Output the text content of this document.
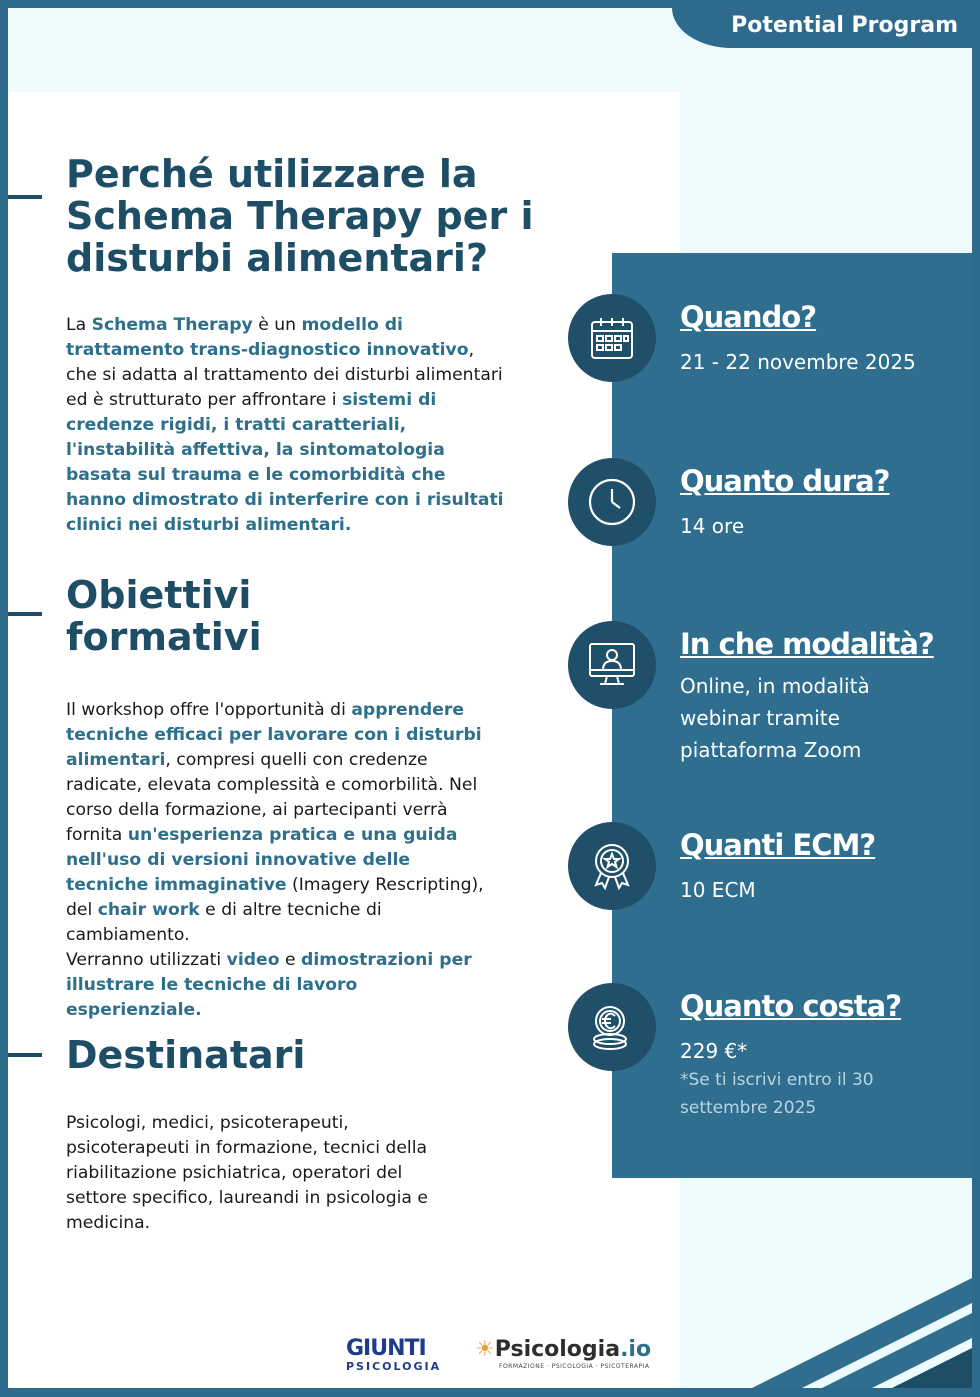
Potential Program
Perché utilizzare la Schema Therapy per i disturbi alimentari?

La Schema Therapy è un modello di trattamento trans-diagnostico innovativo, che si adatta al trattamento dei disturbi alimentari ed è strutturato per affrontare i sistemi di credenze rigidi, i tratti caratteriali, l'instabilità affettiva, la sintomatologia basata sul trauma e le comorbidità che hanno dimostrato di interferire con i risultati clinici nei disturbi alimentari.

Obiettivi formativi

Il workshop offre l'opportunità di apprendere tecniche efficaci per lavorare con i disturbi alimentari, compresi quelli con credenze radicate, elevata complessità e comorbilità. Nel corso della formazione, ai partecipanti verrà fornita un'esperienza pratica e una guida nell'uso di versioni innovative delle tecniche immaginative (Imagery Rescripting), del chair work e di altre tecniche di cambiamento.
Verranno utilizzati video e dimostrazioni per illustrare le tecniche di lavoro esperienziale.

Destinatari

Psicologi, medici, psicoterapeuti, psicoterapeuti in formazione, tecnici della riabilitazione psichiatrica, operatori del settore specifico, laureandi in psicologia e medicina.

Quando?

21 - 22 novembre 2025

Quanto dura?

14 ore

In che modalità?

Online, in modalità webinar tramite piattaforma Zoom

Quanti ECM?

10 ECM

Quanto costa?

229 €*

*Se ti iscrivi entro il 30 settembre 2025

GIUNTI
PSICOLOGIA
☀Psicologia.io
FORMAZIONE · PSICOLOGIA · PSICOTERAPIA
